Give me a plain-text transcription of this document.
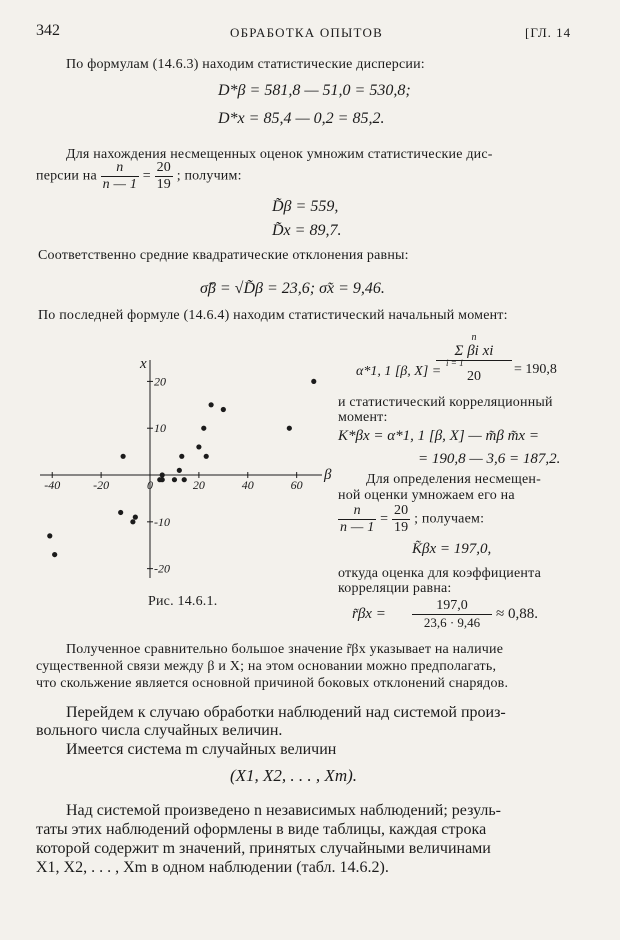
342	ОБРАБОТКА ОПЫТОВ	[ГЛ. 14
По формулам (14.6.3) находим статистические дисперсии:
D*β = 581,8 — 51,0 = 530,8;
D*x = 85,4 — 0,2 = 85,2.
Для нахождения несмещенных оценок умножим статистические дис-
персии на $\frac{n}{n — 1} = \frac{20}{19}$ ; получим:
D̃β = 559,
D̃x = 89,7.
Соответственно средние квадратические отклонения равны:
σ̃β = √D̃β = 23,6; σ̃x = 9,46.
По последней формуле (14.6.4) находим статистический начальный момент:
-40	-20	0	20	40	60
20
10
-10
-20
β
x
Рис. 14.6.1.
α*1, 1 [β, X] =
n
Σ βi xi
i = 1
20	= 190,8
и статистический корреляционный
момент:
K*βx = α*1, 1 [β, X] — m̃β m̃x =
= 190,8 — 3,6 = 187,2.
Для определения несмещен-
ной оценки умножаем его на
$\frac{n}{n — 1} = \frac{20}{19}$ ; получаем:
K̃βx = 197,0,
откуда оценка для коэффициента
корреляции равна:
r̃βx =
197,0
23,6 · 9,46
≈ 0,88.
Полученное сравнительно большое значение r̃βx указывает на наличие
существенной связи между β и X; на этом основании можно предполагать,
что скольжение является основной причиной боковых отклонений снарядов.
Перейдем к случаю обработки наблюдений над системой произ-
вольного числа случайных величин.
Имеется система m случайных величин
(X1, X2, . . . , Xm).
Над системой произведено n независимых наблюдений; резуль-
таты этих наблюдений оформлены в виде таблицы, каждая строка
которой содержит m значений, принятых случайными величинами
X1, X2, . . . , Xm в одном наблюдении (табл. 14.6.2).
